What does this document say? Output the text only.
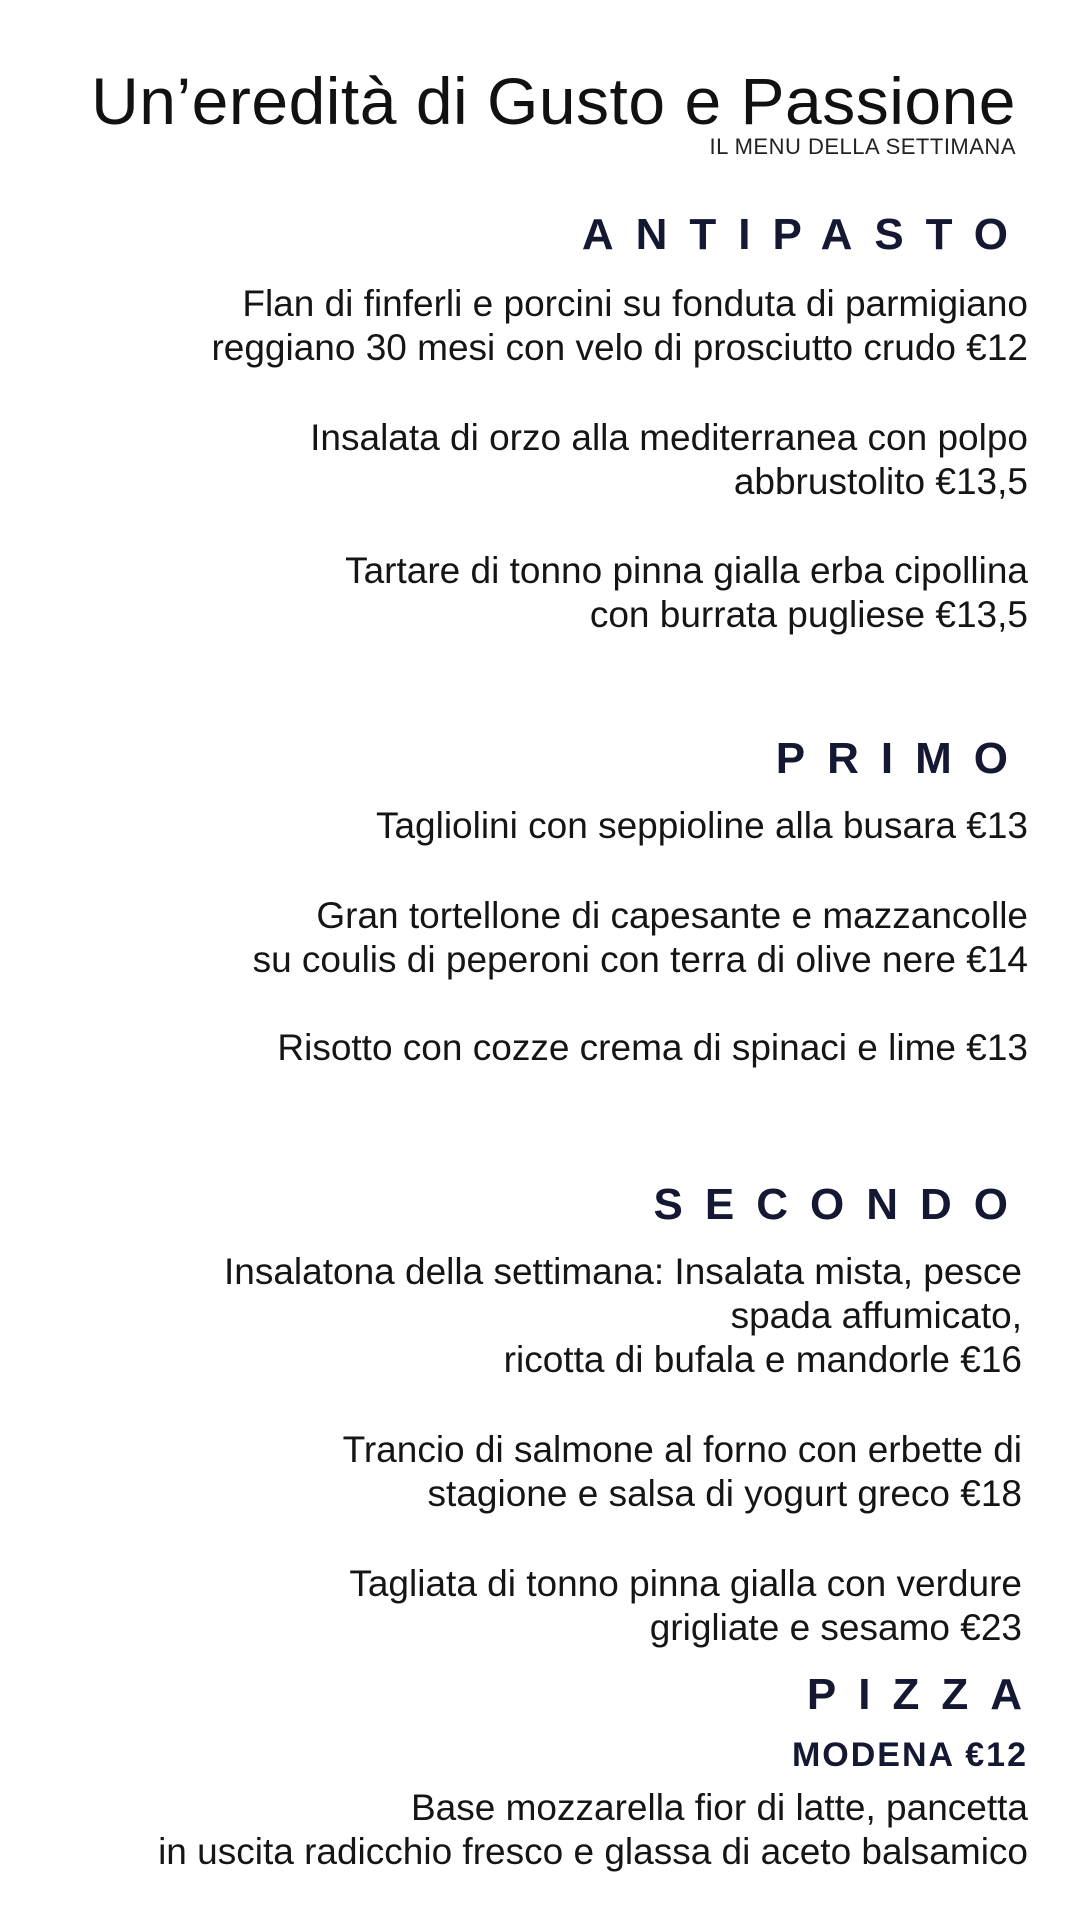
Un’eredità di Gusto e Passione
IL MENU DELLA SETTIMANA
ANTIPASTO
Flan di finferli e porcini su fonduta di parmigiano
reggiano 30 mesi con velo di prosciutto crudo €12
Insalata di orzo alla mediterranea con polpo
abbrustolito €13,5
Tartare di tonno pinna gialla erba cipollina
con burrata pugliese €13,5
PRIMO
Tagliolini con seppioline alla busara €13
Gran tortellone di capesante e mazzancolle
su coulis di peperoni con terra di olive nere €14
Risotto con cozze crema di spinaci e lime €13
SECONDO
Insalatona della settimana: Insalata mista, pesce
spada affumicato,
ricotta di bufala e mandorle €16
Trancio di salmone al forno con erbette di
stagione e salsa di yogurt greco €18
Tagliata di tonno pinna gialla con verdure
grigliate e sesamo €23
PIZZA
MODENA €12
Base mozzarella fior di latte, pancetta
in uscita radicchio fresco e glassa di aceto balsamico
